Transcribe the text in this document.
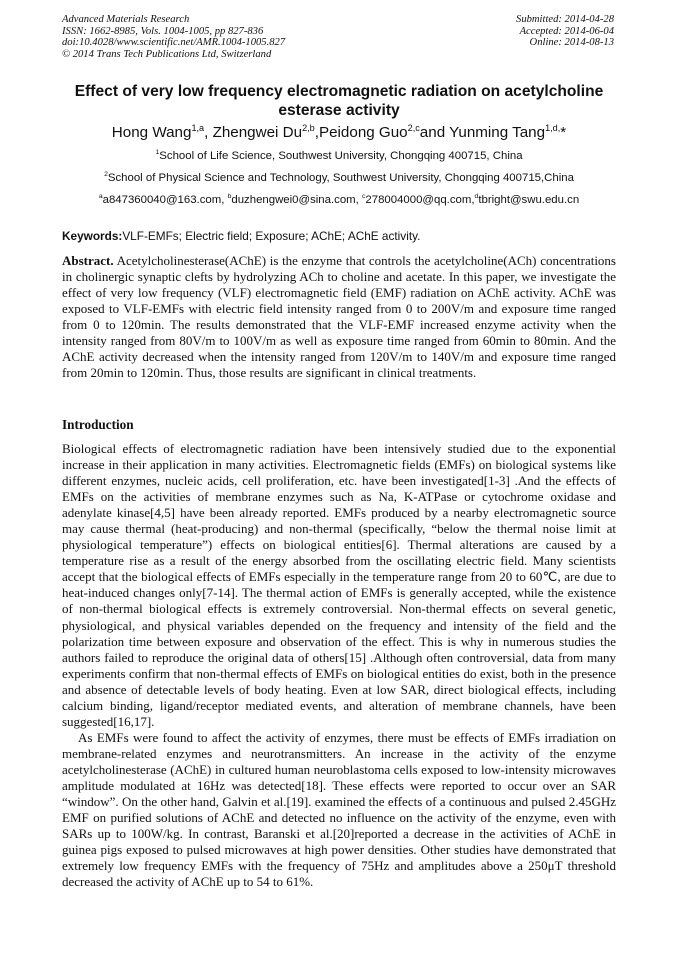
Advanced Materials Research
ISSN: 1662-8985, Vols. 1004-1005, pp 827-836
doi:10.4028/www.scientific.net/AMR.1004-1005.827
© 2014 Trans Tech Publications Ltd, Switzerland
Submitted: 2014-04-28
Accepted: 2014-06-04
Online: 2014-08-13
Effect of very low frequency electromagnetic radiation on acetylcholine esterase activity
Hong Wang$^{1,a}$, Zhengwei Du$^{2,b}$,Peidong Guo$^{2,c}$and Yunming Tang$^{1,d,}$*
$^1$School of Life Science, Southwest University, Chongqing 400715, China
$^2$School of Physical Science and Technology, Southwest University, Chongqing 400715,China
$^a$a847360040@163.com, $^b$duzhengwei0@sina.com, $^c$278004000@qq.com,$^d$tbright@swu.edu.cn
Keywords:VLF-EMFs; Electric field; Exposure; AChE; AChE activity.
Abstract. Acetylcholinesterase(AChE) is the enzyme that controls the acetylcholine(ACh) concentrations in cholinergic synaptic clefts by hydrolyzing ACh to choline and acetate. In this paper, we investigate the effect of very low frequency (VLF) electromagnetic field (EMF) radiation on AChE activity. AChE was exposed to VLF-EMFs with electric field intensity ranged from 0 to 200V/m and exposure time ranged from 0 to 120min. The results demonstrated that the VLF-EMF increased enzyme activity when the intensity ranged from 80V/m to 100V/m as well as exposure time ranged from 60min to 80min. And the AChE activity decreased when the intensity ranged from 120V/m to 140V/m and exposure time ranged from 20min to 120min. Thus, those results are significant in clinical treatments.
Introduction

Biological effects of electromagnetic radiation have been intensively studied due to the exponential increase in their application in many activities. Electromagnetic fields (EMFs) on biological systems like different enzymes, nucleic acids, cell proliferation, etc. have been investigated[1-3] .And the effects of EMFs on the activities of membrane enzymes such as Na, K-ATPase or cytochrome oxidase and adenylate kinase[4,5] have been already reported. EMFs produced by a nearby electromagnetic source may cause thermal (heat-producing) and non-thermal (specifically, “below the thermal noise limit at physiological temperature”) effects on biological entities[6]. Thermal alterations are caused by a temperature rise as a result of the energy absorbed from the oscillating electric field. Many scientists accept that the biological effects of EMFs especially in the temperature range from 20 to 60℃, are due to heat-induced changes only[7-14]. The thermal action of EMFs is generally accepted, while the existence of non-thermal biological effects is extremely controversial. Non-thermal effects on several genetic, physiological, and physical variables depended on the frequency and intensity of the field and the polarization time between exposure and observation of the effect. This is why in numerous studies the authors failed to reproduce the original data of others[15] .Although often controversial, data from many experiments confirm that non-thermal effects of EMFs on biological entities do exist, both in the presence and absence of detectable levels of body heating. Even at low SAR, direct biological effects, including calcium binding, ligand/receptor mediated events, and alteration of membrane channels, have been suggested[16,17].

As EMFs were found to affect the activity of enzymes, there must be effects of EMFs irradiation on membrane-related enzymes and neurotransmitters. An increase in the activity of the enzyme acetylcholinesterase (AChE) in cultured human neuroblastoma cells exposed to low-intensity microwaves amplitude modulated at 16Hz was detected[18]. These effects were reported to occur over an SAR “window”. On the other hand, Galvin et al.[19]. examined the effects of a continuous and pulsed 2.45GHz EMF on purified solutions of AChE and detected no influence on the activity of the enzyme, even with SARs up to 100W/kg. In contrast, Baranski et al.[20]reported a decrease in the activities of AChE in guinea pigs exposed to pulsed microwaves at high power densities. Other studies have demonstrated that extremely low frequency EMFs with the frequency of 75Hz and amplitudes above a 250μT threshold decreased the activity of AChE up to 54 to 61%.
